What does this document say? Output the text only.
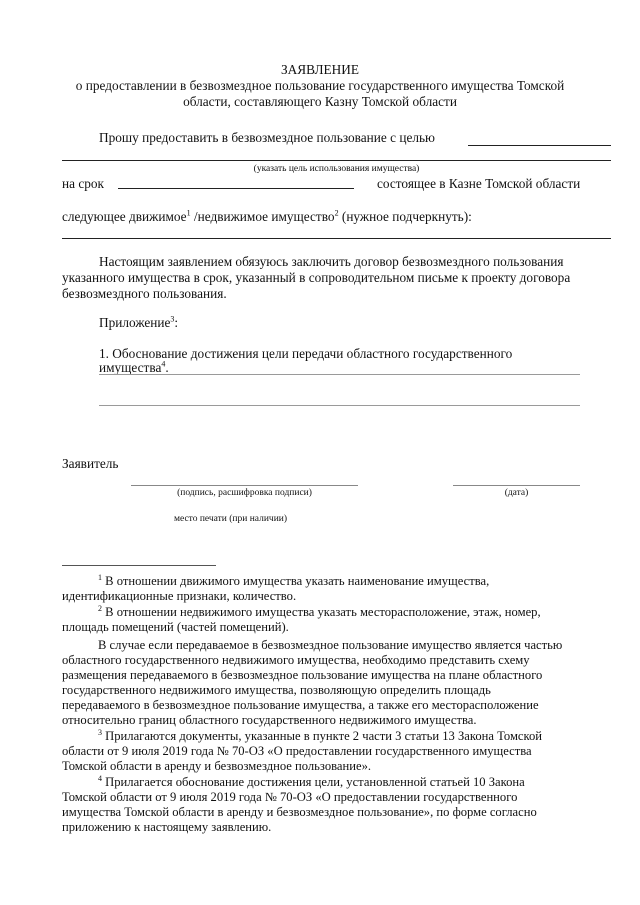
ЗАЯВЛЕНИЕ
о предоставлении в безвозмездное пользование государственного имущества Томской
области, составляющего Казну Томской области
Прошу предоставить в безвозмездное пользование с целью
(указать цель использования имущества)
на срок	состоящее в Казне Томской области
следующее движимое$^1$ /недвижимое имущество$^2$ (нужное подчеркнуть):
Настоящим заявлением обязуюсь заключить договор безвозмездного пользования
указанного имущества в срок, указанный в сопроводительном письме к проекту договора
безвозмездного пользования.
Приложение$^3$:
1. Обоснование достижения цели передачи областного государственного
имущества$^4$.
Заявитель
(подпись, расшифровка подписи)	(дата)
место печати (при наличии)

$^1$ В отношении движимого имущества указать наименование имущества,

идентификационные признаки, количество.

$^2$ В отношении недвижимого имущества указать месторасположение, этаж, номер,

площадь помещений (частей помещений).

В случае если передаваемое в безвозмездное пользование имущество является частью

областного государственного недвижимого имущества, необходимо представить схему

размещения передаваемого в безвозмездное пользование имущества на плане областного

государственного недвижимого имущества, позволяющую определить площадь

передаваемого в безвозмездное пользование имущества, а также его месторасположение

относительно границ областного государственного недвижимого имущества.

$^3$ Прилагаются документы, указанные в пункте 2 части 3 статьи 13 Закона Томской

области от 9 июля 2019 года № 70-ОЗ «О предоставлении государственного имущества

Томской области в аренду и безвозмездное пользование».

$^4$ Прилагается обоснование достижения цели, установленной статьей 10 Закона

Томской области от 9 июля 2019 года № 70-ОЗ «О предоставлении государственного

имущества Томской области в аренду и безвозмездное пользование», по форме согласно

приложению к настоящему заявлению.
